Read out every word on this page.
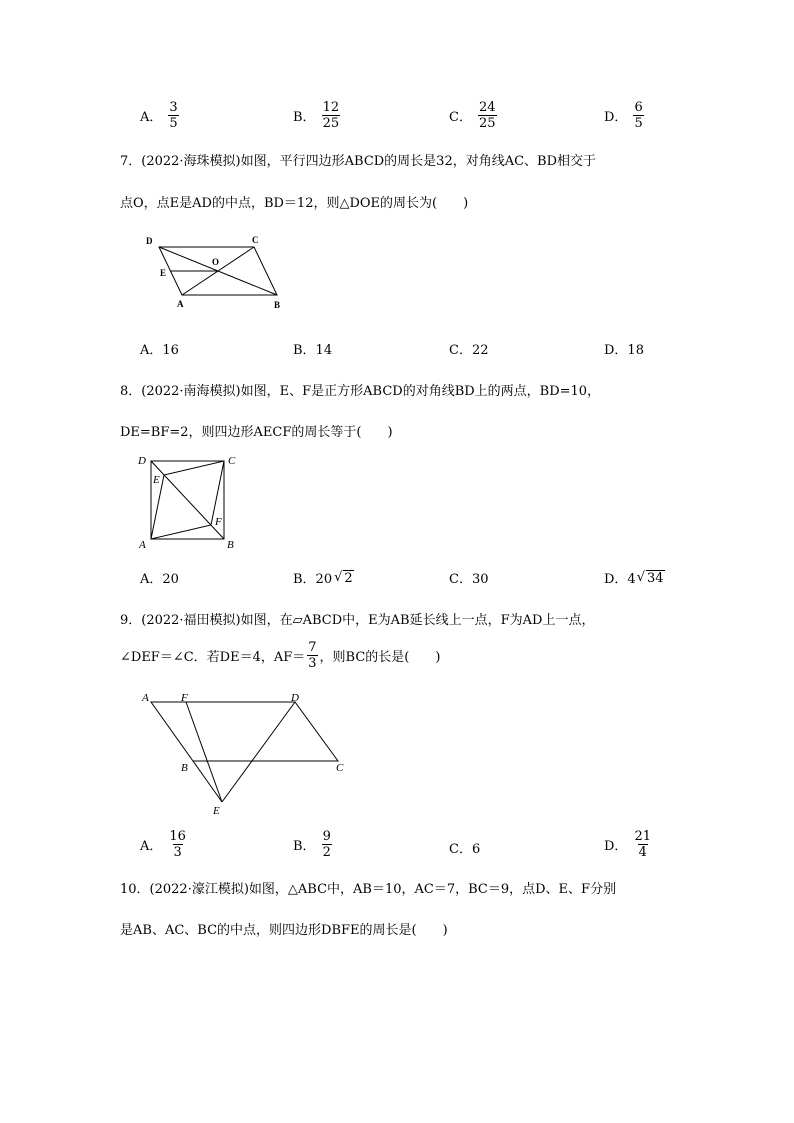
A． $\frac{3}{5}$	B． $\frac{12}{25}$	C． $\frac{24}{25}$	D． $\frac{6}{5}$
7．(2022·海珠模拟)如图，平行四边形ABCD的周长是32，对角线AC、BD相交于
点O，点E是AD的中点，BD＝12，则△DOE的周长为(　　)
D	C
O
E
A	B
A．16	B．14	C．22	D．18
8．(2022·南海模拟)如图，E、F是正方形ABCD的对角线BD上的两点，BD=10，
DE=BF=2，则四边形AECF的周长等于(　　)
D	C
E
F
A	B
A．20	B．20 √ 2	C．30	D．4 √ 34
9．(2022·福田模拟)如图，在▱ABCD中，E为AB延长线上一点，F为AD上一点，
∠DEF＝∠C．若DE＝4，$AF= \frac{7}{3}$ ，则BC的长是(　　)
A	F	D
B	C
E
A． $\frac{16}{3}$	B． $\frac{9}{2}$	C．6	D． $\frac{21}{4}$
10．(2022·濠江模拟)如图，△ABC中，AB＝10，AC＝7，BC＝9，点D、E、F分别
是AB、AC、BC的中点，则四边形DBFE的周长是(　　)
